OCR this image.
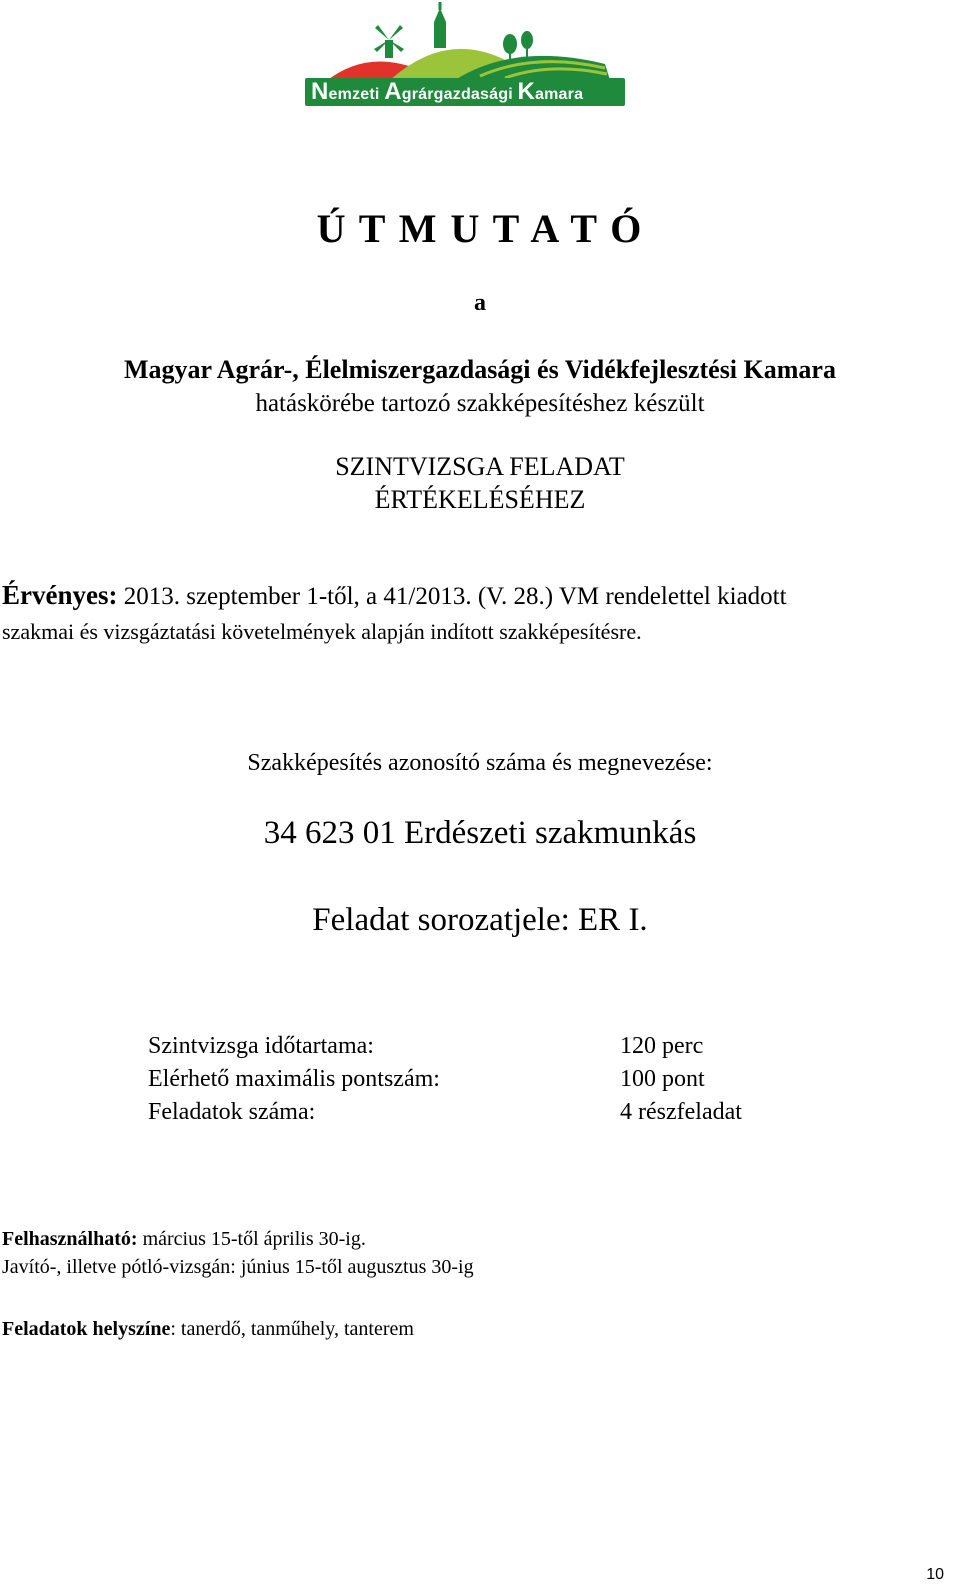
Nemzeti Agrárgazdasági Kamara
Ú T M U T A T Ó
a
Magyar Agrár-, Élelmiszergazdasági és Vidékfejlesztési Kamara
hatáskörébe tartozó szakképesítéshez készült
SZINTVIZSGA FELADAT
ÉRTÉKELÉSÉHEZ
Érvényes: 2013. szeptember 1-től, a 41/2013. (V. 28.) VM rendelettel kiadott
szakmai és vizsgáztatási követelmények alapján indított szakképesítésre.
Szakképesítés azonosító száma és megnevezése:
34 623 01 Erdészeti szakmunkás
Feladat sorozatjele: ER I.
Szintvizsga időtartama:	120 perc
Elérhető maximális pontszám:	100 pont
Feladatok száma:	4 részfeladat
Felhasználható: március 15-től április 30-ig.
Javító-, illetve pótló-vizsgán: június 15-től augusztus 30-ig
Feladatok helyszíne: tanerdő, tanműhely, tanterem
10
